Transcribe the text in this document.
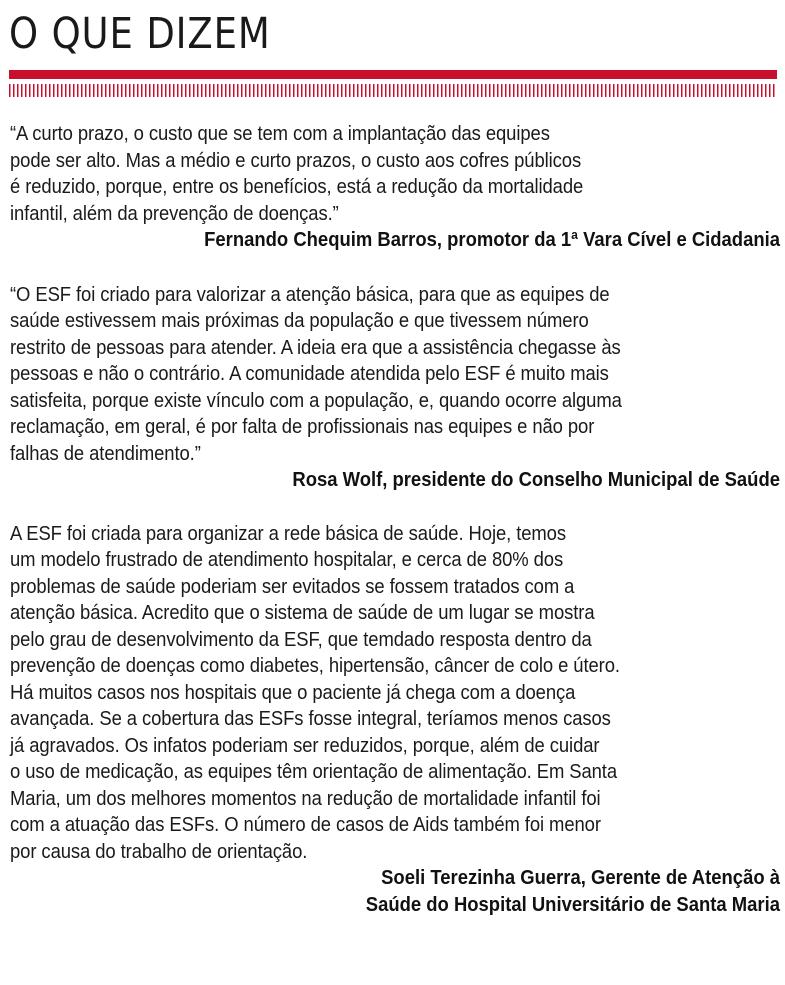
O QUE DIZEM

“A curto prazo, o custo que se tem com a implantação das equipes
pode ser alto. Mas a médio e curto prazos, o custo aos cofres públicos
é reduzido, porque, entre os benefícios, está a redução da mortalidade
infantil, além da prevenção de doenças.”

Fernando Chequim Barros, promotor da 1ª Vara Cível e Cidadania

“O ESF foi criado para valorizar a atenção básica, para que as equipes de
saúde estivessem mais próximas da população e que tivessem número
restrito de pessoas para atender. A ideia era que a assistência chegasse às
pessoas e não o contrário. A comunidade atendida pelo ESF é muito mais
satisfeita, porque existe vínculo com a população, e, quando ocorre alguma
reclamação, em geral, é por falta de profissionais nas equipes e não por
falhas de atendimento.”

Rosa Wolf, presidente do Conselho Municipal de Saúde

A ESF foi criada para organizar a rede básica de saúde. Hoje, temos
um modelo frustrado de atendimento hospitalar, e cerca de 80% dos
problemas de saúde poderiam ser evitados se fossem tratados com a
atenção básica. Acredito que o sistema de saúde de um lugar se mostra
pelo grau de desenvolvimento da ESF, que temdado resposta dentro da
prevenção de doenças como diabetes, hipertensão, câncer de colo e útero.
Há muitos casos nos hospitais que o paciente já chega com a doença
avançada. Se a cobertura das ESFs fosse integral, teríamos menos casos
já agravados. Os infatos poderiam ser reduzidos, porque, além de cuidar
o uso de medicação, as equipes têm orientação de alimentação. Em Santa
Maria, um dos melhores momentos na redução de mortalidade infantil foi
com a atuação das ESFs. O número de casos de Aids também foi menor
por causa do trabalho de orientação.

Soeli Terezinha Guerra, Gerente de Atenção à
Saúde do Hospital Universitário de Santa Maria
